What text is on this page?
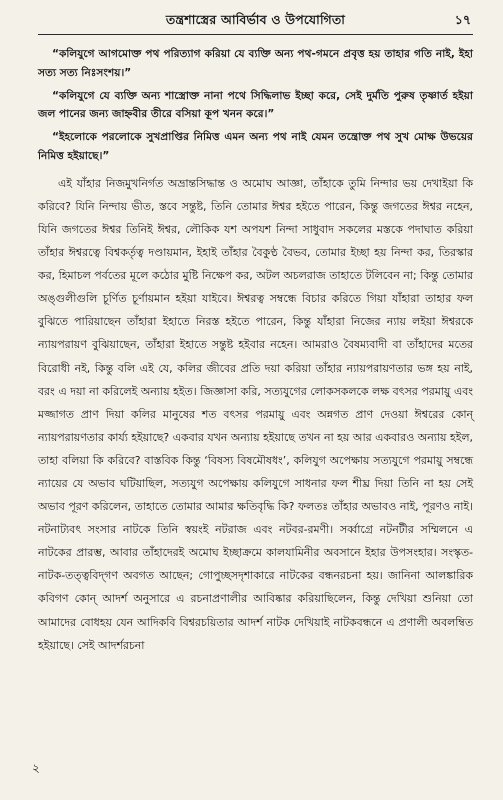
তন্ত্রশাস্ত্রের আবির্ভাব ও উপযোগিতা	১৭

“কলিযুগে আগমোক্ত পথ পরিত্যাগ করিয়া যে ব্যক্তি অন্য পথ-গমনে প্রবৃত্ত হয় তাহার গতি নাই, ইহা সত্য সত্য নিঃসংশয়।”

“কলিযুগে যে ব্যক্তি অন্য শাস্ত্রোক্ত নানা পথে সিদ্ধিলাভ ইচ্ছা করে, সেই দুর্মতি পুরুষ তৃষ্ণার্ত হইয়া জল পানের জন্য জাহ্নবীর তীরে বসিয়া কূপ খনন করে।”

“ইহলোকে পরলোকে সুখপ্রাপ্তির নিমিত্ত এমন অন্য পথ নাই যেমন তন্ত্রোক্ত পথ সুখ মোক্ষ উভয়ের নিমিত্ত হইয়াছে।”

এই যাঁহার নিজমুখনির্গত অভ্রান্তসিদ্ধান্ত ও অমোঘ আজ্ঞা, তাঁহাকে তুমি নিন্দার ভয় দেখাইয়া কি করিবে? যিনি নিন্দায় ভীত, স্তবে সন্তুষ্ট, তিনি তোমার ঈশ্বর হইতে পারেন, কিন্তু জগতের ঈশ্বর নহেন, যিনি জগতের ঈশ্বর তিনিই ঈশ্বর, লৌকিক যশ অপযশ নিন্দা সাধুবাদ সকলের মস্তকে পদাঘাত করিয়া তাঁহার ঈশ্বরত্বে বিশ্বকর্তৃত্ব দণ্ডায়মান, ইহাই তাঁহার বৈকুণ্ঠ বৈভব, তোমার ইচ্ছা হয় নিন্দা কর, তিরস্কার কর, হিমাচল পর্বতের মূলে কঠোর মুষ্টি নিক্ষেপ কর, অটল অচলরাজ তাহাতে টলিবেন না; কিন্তু তোমার অঙ্গুলীগুলি চূর্ণিত চূর্ণায়মান হইয়া যাইবে। ঈশ্বরত্ব সম্বন্ধে বিচার করিতে গিয়া যাঁহারা তাহার ফল বুঝিতে পারিয়াছেন তাঁহারা ইহাতে নিরস্ত হইতে পারেন, কিন্তু যাঁহারা নিজের ন্যায় লইয়া ঈশ্বরকে ন্যায়পরায়ণ বুঝিয়াছেন, তাঁহারা ইহাতে সন্তুষ্ট হইবার নহেন। আমরাও বৈষম্যবাদী বা তাঁহাদের মতের বিরোধী নই, কিন্তু বলি এই যে, কলির জীবের প্রতি দয়া করিয়া তাঁহার ন্যায়পরায়ণতার ভঙ্গ হয় নাই, বরং এ দয়া না করিলেই অন্যায় হইত। জিজ্ঞাসা করি, সত্যযুগের লোকসকলকে লক্ষ বৎসর পরমায়ু এবং মজ্জাগত প্রাণ দিয়া কলির মানুষের শত বৎসর পরমায়ু এবং অন্নগত প্রাণ দেওয়া ঈশ্বরের কোন্ ন্যায়পরায়ণতার কার্য্য হইয়াছে? একবার যখন অন্যায় হইয়াছে তখন না হয় আর একবারও অন্যায় হইল, তাহা বলিয়া কি করিবে? বাস্তবিক কিন্তু ‘বিষস্য বিষমৌষধং’, কলিযুগ অপেক্ষায় সত্যযুগে পরমায়ু সম্বন্ধে ন্যায়ের যে অভাব ঘটিয়াছিল, সত্যযুগ অপেক্ষায় কলিযুগে সাধনার ফল শীঘ্র দিয়া তিনি না হয় সেই অভাব পূরণ করিলেন, তাহাতে তোমার আমার ক্ষতিবৃদ্ধি কি? ফলতঃ তাঁহার অভাবও নাই, পূরণও নাই। নটনাট্যবৎ সংসার নাটকে তিনি স্বয়ংই নটরাজ এবং নটবর-রমণী। সর্ব্বাগ্রে নটনটীর সম্মিলনে এ নাটকের প্রারম্ভ, আবার তাঁহাদেরই অমোঘ ইচ্ছাক্রমে কালযামিনীর অবসানে ইহার উপসংহার। সংস্কৃত-নাটক-তত্ত্ববিদ্‌গণ অবগত আছেন; গোপুচ্ছসদৃশাকারে নাটকের বন্ধনরচনা হয়। জানিনা আলঙ্কারিক কবিগণ কোন্ আদর্শ অনুসারে এ রচনাপ্রণালীর আবিষ্কার করিয়াছিলেন, কিন্তু দেখিয়া শুনিয়া তো আমাদের বোধহয় যেন আদিকবি বিশ্বরচয়িতার আদর্শ নাটক দেখিয়াই নাটকবন্ধনে এ প্রণালী অবলম্বিত হইয়াছে। সেই আদর্শরচনা

২
